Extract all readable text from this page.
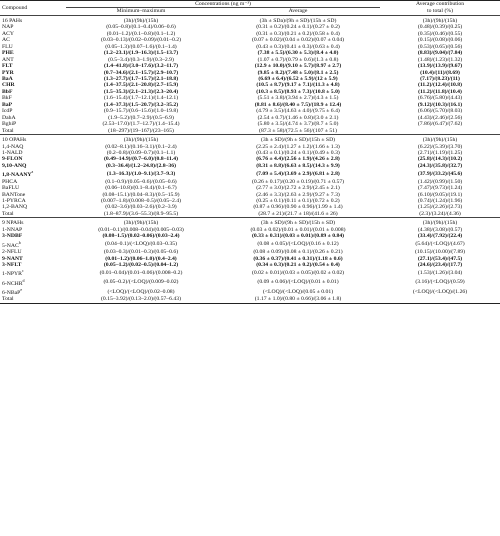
Compound	Concentrations (ng m⁻³)		Average contribution
	Minimum–maximum	Average	to total (%)
16 PAHs	(3h)/(9h)/(15h)	(3h ± SDa)/(9h ± SD)/(15h ± SD)	(3h)/(9h)/(15h)
NAP	(0.05–0.8)/(0.1–0.4)/0.06–0.6)	(0.31 ± 0.2)/(0.24 ± 0.1)/(0.27 ± 0.2)	(0.48)/(0.39)/(0.25)
ACY	(0.01–1.2)/(0.1–0.8)/(0.1–1.2)	(0.31 ± 0.3)/(0.21 ± 0.2)/(0.58 ± 0.4)	(0.35)/(0.46)/(0.55)
AC	(0.03–0.13)/(0.02–0.09)/(0.01–0.2)	(0.07 ± 0.02)/(0.04 ± 0.02)/(0.07 ± 0.04)	(0.15)/(0.08)/(0.06)
FLU	(0.05–1.3)/(0.07–1.6)/(0.1–1.4)	(0.43 ± 0.3)/(0.41 ± 0.3)/(0.63 ± 0.4)	(0.53)/(0.65)/(0.56)
PHE	(1.2–23.1)/(1.9–16.3)/(1.5–13.7)	(7.38 ± 5.5)/(6.30 ± 5.3)/(8.4 ± 4.0)	(8.83)/(9.04)/(7.84)
ANT	(0.5–3.4)/(0.3–1.9)/(0.3–2.9)	(1.07 ± 0.7)/(0.79 ± 0.6)/(1.3 ± 0.8)	(1.48)/(1.23)/(1.32)
FLT	(1.4–41.8)/(3.0–17.6)/(3.2–11.7)	(12.9 ± 10.0)/(9.10 ± 5.7)/(8.97 ± 2.7)	(13.9)/(13.9)/(9.67)
PYR	(0.7–34.6)/(2.1–15.7)/(2.9–10.7)	(9.85 ± 8.2)/(7.48 ± 5.0)/(8.1 ± 2.5)	(10.4)/(11)/(8.69)
BaA	(1.3–27.7)/(1.7–15.7)/(2.1–18.8)	(6.69 ± 6.4)/(6.52 ± 5.9)/(12 ± 5.9)	(7.17)/(8.23)/(11)
CHR	(1.4–37.5)/(2.1–20.8)/(2.7–15.9)	(10.5 ± 8.7)/(9.17 ± 7.1)/(11.3 ± 4.8)	(11.2)/(12.4)/(10.8)
BbF	(1.5–35.3)/(2.1–21.3)/(2.3–20.4)	(10.3 ± 8.5)/(8.93 ± 7.3)/(10.8 ± 5.0)	(11.2)/(11.8)/(10.4)
BkF	(1.6–15.4)/(1.7–12.1)/(1.4–12.1)	(5.51 ± 3.8)/(3.94 ± 2.7)/(4.3 ± 1.5)	(6.76)/(5.80)/(4.43)
BaP	(1.4–37.3)/(1.5–20.7)/(3.2–35.2)	(8.81 ± 8.6)/(8.40 ± 7.5)/(18.9 ± 12.4)	(9.12)/(10.3)/(16.1)
IcdP	(0.9–15.7)/(0.6–15.6)/(1.0–19.8)	(4.79 ± 3.5)/(4.63 ± 4.0)/(9.75 ± 6.4)	(6.06)/(5.70)/(8.03)
DahA	(1.9–5.2)/(0.7–2.9)/(0.5–6.9)	(2.54 ± 0.7)/(1.46 ± 0.8)/(3.0 ± 2.1)	(4.43)/(2.46)/(2.56)
BghiP	(2.53–17.0)/(1.7–12.7)/(1.4–15.4)	(5.80 ± 3.5)/(4.74 ± 3.7)/(8.7 ± 5.0)	(7.86)/(6.47)/(7.62)
Total	(18–297)/(19–167)/(23–165)	(87.3 ± 58)/(72.5 ± 56)/(107 ± 51)	
10 OPAHs	(3h)/(9h)/(15h)	(3h ± SD)/(9h ± SD)/(15h ± SD)	(3h)/(9h)/(15h)
1,4-NAQ	(0.02–8.1)/(0.16–3.1)/(0.1–2.4)	(2.25 ± 2.4)/(1.27 ± 1.2)/(1.66 ± 1.3)	(6.22)/(5.39)/(3.70)
1-NALD	(0.2–0.8)/(0.09–0.7)/(0.1–1.1)	(0.43 ± 0.1)/(0.24 ± 0.1)/(0.49 ± 0.3)	(2.71)/(1.19)/(1.25)
9-FLON	(0.49–14.9)/(0.7–6.0)/(0.8–11.4)	(6.76 ± 4.4)/(2.56 ± 1.9)/(4.26 ± 2.8)	(25.8)/(14.3)/(10.2)
9,10-ANQ	(0.3–36.4)/(1.2–24.8)/(2.8–36)	(8.31 ± 8.8)/(6.63 ± 8.5)/(14.3 ± 9.9)	(24.3)/(35.8)/(32.7)
1,8-NAANY$^a$	(1.3–16.3)/(1.0–9.1)/(3.7–9.3)	(7.09 ± 5.4)/(3.69 ± 2.9)/(6.81 ± 2.8)	(37.9)/(33.2)/(45.6)
PHCA	(0.1–0.9)/(0.05–0.6)/(0.05–0.6)	(0.26 ± 0.17)/(0.20 ± 0.19)/(0.71 ± 0.57)	(1.42)/(0.99)/(1.50)
BaFLU	(0.06–10.8)/(0.1–8.4)/(0.1–6.7)	(2.77 ± 3.0)/(2.72 ± 2.9)/(2.45 ± 2.1)	(7.47)/(9.73)/(1.24)
BANTone	(0.08–15.1)/(0.04–8.3)/(0.5–15.9)	(2.46 ± 3.3)/(2.63 ± 2.9)/(9.27 ± 7.3)	(6.10)/(9.05)/(19.1)
1-PYRCA	(0.007–1.8)/(0.008–0.5)/(0.05–2.4)	(0.25 ± 0.1)/(0.11 ± 0.1)/(0.72 ± 0.2)	(0.74)/(1.24)/(1.96)
1,2-BANQ	(0.02–3.6)/(0.03–2.6)/(0.2–3.9)	(0.87 ± 0.96)/(0.90 ± 0.96)/(1.99 ± 1.4)	(1.25)/(2.26)/(2.73)
Total	(1.8–87.9)/(3.6–55.3)/(8.9–95.5)	(28.7 ± 21)/(21.7 ± 18)/(41.6 ± 26)	(2.3)/(3.24)/(4.36)
9 NPAHs	(3h)/(9h)/(15h)	(3h ± SD)/(9h ± SD)/(15h ± SD)	(3h)/(9h)/(15h)
1-NNAP	(0.01–0.1)/(0.008–0.04)/(0.005–0.03)	(0.03 ± 0.02)/(0.01 ± 0.01)/(0.01 ± 0.008)	(4.38)/(3.08)/(0.57)
3-NDBF	(0.08–1.5)/(0.02–0.06)/(0.03–2.4)	(0.33 ± 0.31)/(0.03 ± 0.01)/(0.89 ± 0.84)	(33.4)/(7.92)/(22.4)
5-NAC$^b$	(0.04–0.1)/(<LOQ)/(0.03–0.35)	(0.08 ± 0.05)/(<LOQ)/(0.16 ± 0.12)	(5.64)/(<LOQ)/(4.67)
2-NFLU	(0.03–0.3)/(0.01–0.3)/(0.05–0.6)	(0.08 ± 0.09)/(0.08 ± 0.1)/(0.26 ± 0.21)	(10.15)/(10.00)/(7.89)
9-NANT	(0.01–1.2)/(0.06–1.0)/(0.4–2.4)	(0.36 ± 0.37)/(0.41 ± 0.31)/(1.18 ± 0.6)	(27.1)/(53.4)/(47.5)
3-NFLT	(0.05–1.2)/(0.02–0.5)/(0.04–1.2)	(0.34 ± 0.3)/(0.21 ± 0.2)/(0.54 ± 0.4)	(24.6)/(23.4)/(17.7)
1-NPYR$^c$	(0.01–0.04)/(0.01–0.06)/(0.008–0.2)	(0.02 ± 0.01)/(0.03 ± 0.05)/(0.02 ± 0.02)	(1.53)/(1.26)/(3.04)
6-NCHR$^d$	(0.05–0.2)/(<LOQ)/(0.009–0.02)	(0.09 ± 0.06)/(<LOQ)/(0.01 ± 0.01)	(3.16)/(<LOQ)/(0.59)
6-NBaP$^e$	(<LOQ)/(<LOQ)/(0.02–0.08)	(<LOQ)/(<LOQ)/(0.05 ± 0.01)	(<LOQ)/(<LOQ)/(1.26)
Total	(0.15–3.92)/(0.13–2.0)/(0.57–6.43)	(1.17 ± 1.0)/(0.80 ± 0.66)/(3.06 ± 1.8)	
